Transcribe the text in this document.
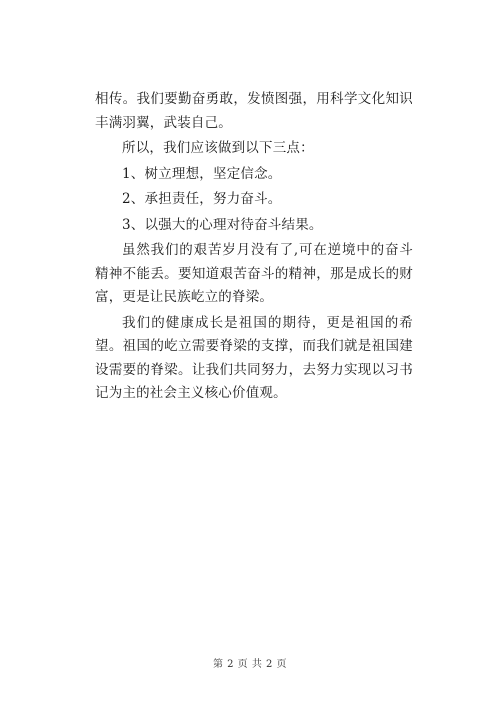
相传。我们要勤奋勇敢，发愤图强，用科学文化知识丰满羽翼，武装自己。

所以，我们应该做到以下三点：

1、树立理想，坚定信念。

2、承担责任，努力奋斗。

3、以强大的心理对待奋斗结果。

虽然我们的艰苦岁月没有了,可在逆境中的奋斗精神不能丢。要知道艰苦奋斗的精神，那是成长的财富，更是让民族屹立的脊梁。

我们的健康成长是祖国的期待，更是祖国的希望。祖国的屹立需要脊梁的支撑，而我们就是祖国建设需要的脊梁。让我们共同努力，去努力实现以习书记为主的社会主义核心价值观。

第 2 页 共 2 页
